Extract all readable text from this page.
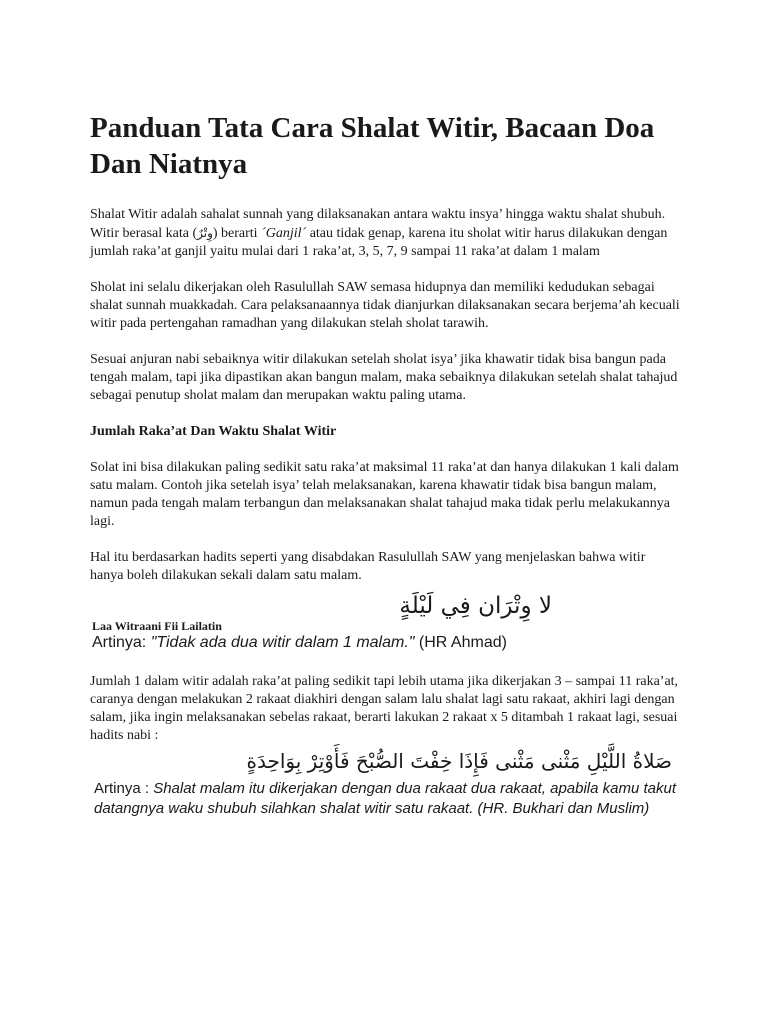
Panduan Tata Cara Shalat Witir, Bacaan Doa Dan Niatnya

Shalat Witir adalah sahalat sunnah yang dilaksanakan antara waktu insya’ hingga waktu shalat shubuh. Witir berasal kata (وِتْرٌ) berarti ´Ganjil´ atau tidak genap, karena itu sholat witir harus dilakukan dengan jumlah raka’at ganjil yaitu mulai dari 1 raka’at, 3, 5, 7, 9 sampai 11 raka’at dalam 1 malam

Sholat ini selalu dikerjakan oleh Rasulullah SAW semasa hidupnya dan memiliki kedudukan sebagai shalat sunnah muakkadah. Cara pelaksanaannya tidak dianjurkan dilaksanakan secara berjema’ah kecuali witir pada pertengahan ramadhan yang dilakukan stelah sholat tarawih.

Sesuai anjuran nabi sebaiknya witir dilakukan setelah sholat isya’ jika khawatir tidak bisa bangun pada tengah malam, tapi jika dipastikan akan bangun malam, maka sebaiknya dilakukan setelah shalat tahajud sebagai penutup sholat malam dan merupakan waktu paling utama.

Jumlah Raka’at Dan Waktu Shalat Witir

Solat ini bisa dilakukan paling sedikit satu raka’at maksimal 11 raka’at dan hanya dilakukan 1 kali dalam satu malam. Contoh jika setelah isya’ telah melaksanakan, karena khawatir tidak bisa bangun malam, namun pada tengah malam terbangun dan melaksanakan shalat tahajud maka tidak perlu melakukannya lagi.

Hal itu berdasarkan hadits seperti yang disabdakan Rasulullah SAW yang menjelaskan bahwa witir hanya boleh dilakukan sekali dalam satu malam.

لا وِتْرَان فِي لَيْلَةٍ
Laa Witraani Fii Lailatin
Artinya: "Tidak ada dua witir dalam 1 malam." (HR Ahmad)

Jumlah 1 dalam witir adalah raka’at paling sedikit tapi lebih utama jika dikerjakan 3 – sampai 11 raka’at, caranya dengan melakukan 2 rakaat diakhiri dengan salam lalu shalat lagi satu rakaat, akhiri lagi dengan salam, jika ingin melaksanakan sebelas rakaat, berarti lakukan 2 rakaat x 5 ditambah 1 rakaat lagi, sesuai hadits nabi :

صَلاةُ اللَّيْلِ مَثْنى مَثْنى فَإِذَا خِفْتَ الصُّبْحَ فَأَوْتِرْ بِوَاحِدَةٍ
Artinya : Shalat malam itu dikerjakan dengan dua rakaat dua rakaat, apabila kamu takut datangnya waku shubuh silahkan shalat witir satu rakaat. (HR. Bukhari dan Muslim)
